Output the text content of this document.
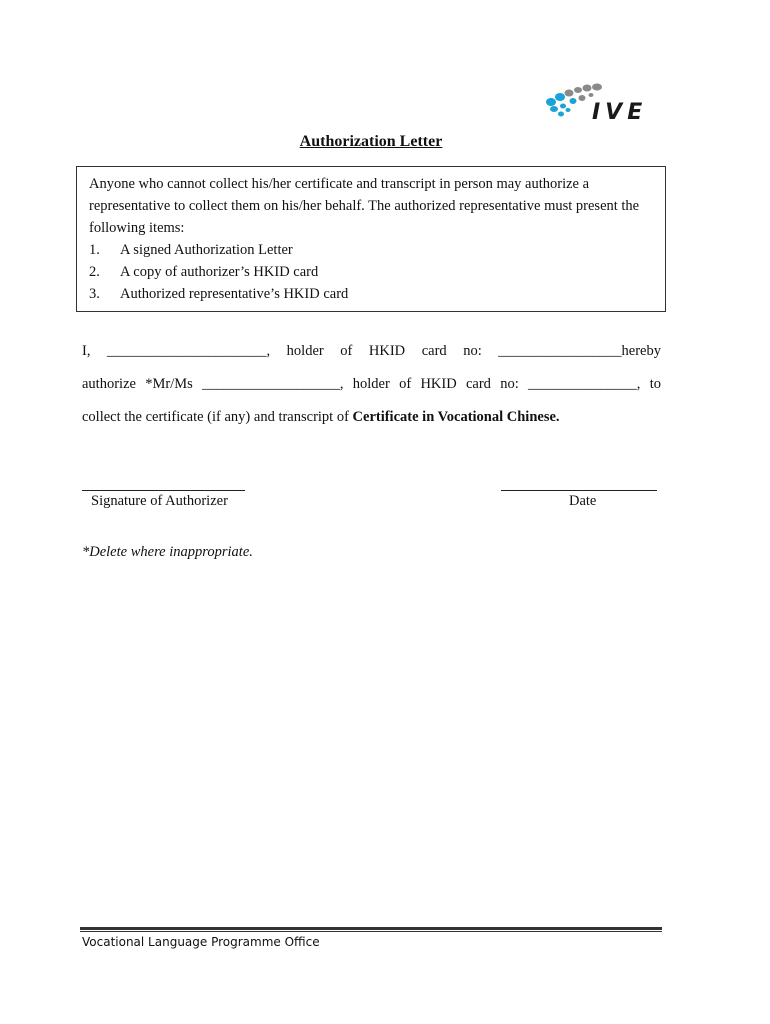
IVE
Authorization Letter

Anyone who cannot collect his/her certificate and transcript in person may authorize a representative to collect them on his/her behalf. The authorized representative must present the following items:

1.	A signed Authorization Letter
2.	A copy of authorizer’s HKID card
3.	Authorized representative’s HKID card
I, ______________________, holder of HKID card no: _________________hereby
authorize *Mr/Ms ___________________, holder of HKID card no: _______________, to
collect the certificate (if any) and transcript of Certificate in Vocational Chinese.
Signature of Authorizer	Date
*Delete where inappropriate.
Vocational Language Programme Office
